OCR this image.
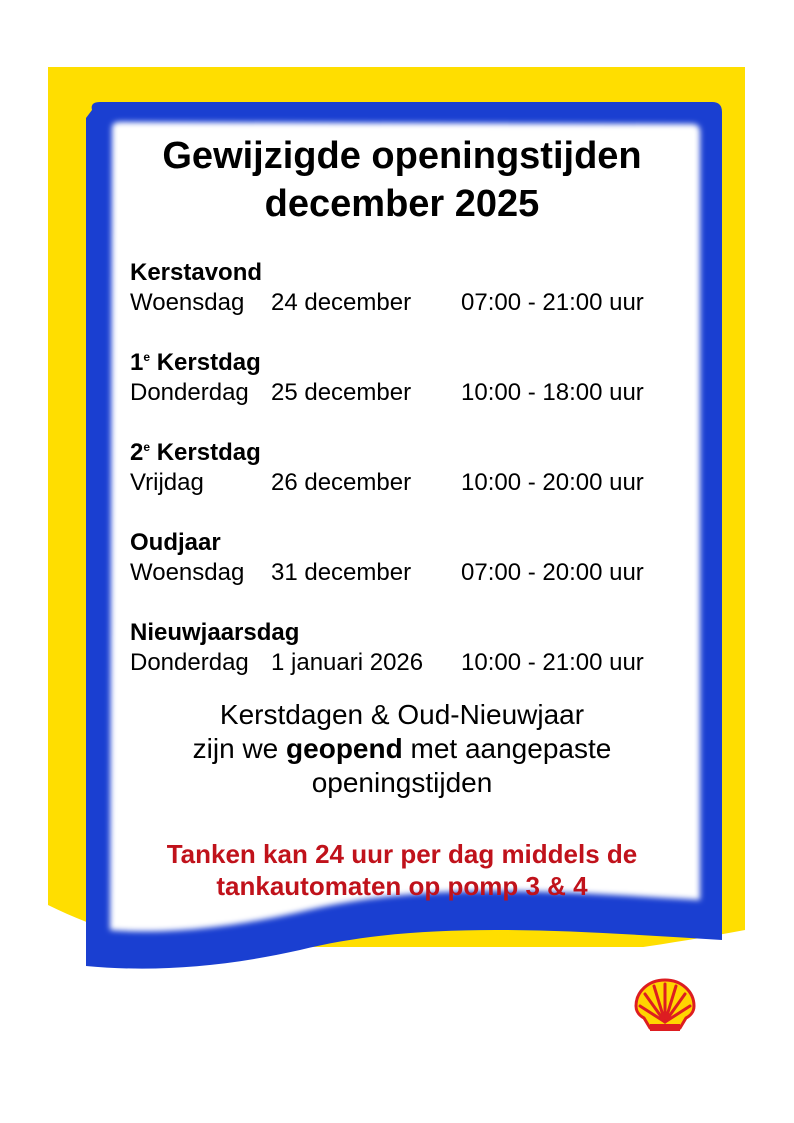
Gewijzigde openingstijden
december 2025
Kerstavond
Woensdag 24 december 07:00 - 21:00 uur
1e Kerstdag
Donderdag 25 december 10:00 - 18:00 uur
2e Kerstdag
Vrijdag	26 december 10:00 - 20:00 uur
Oudjaar
Woensdag 31 december 07:00 - 20:00 uur
Nieuwjaarsdag
Donderdag 1 januari 2026 10:00 - 21:00 uur
Kerstdagen & Oud-Nieuwjaar
zijn we geopend met aangepaste
openingstijden
Tanken kan 24 uur per dag middels de
tankautomaten op pomp 3 & 4
